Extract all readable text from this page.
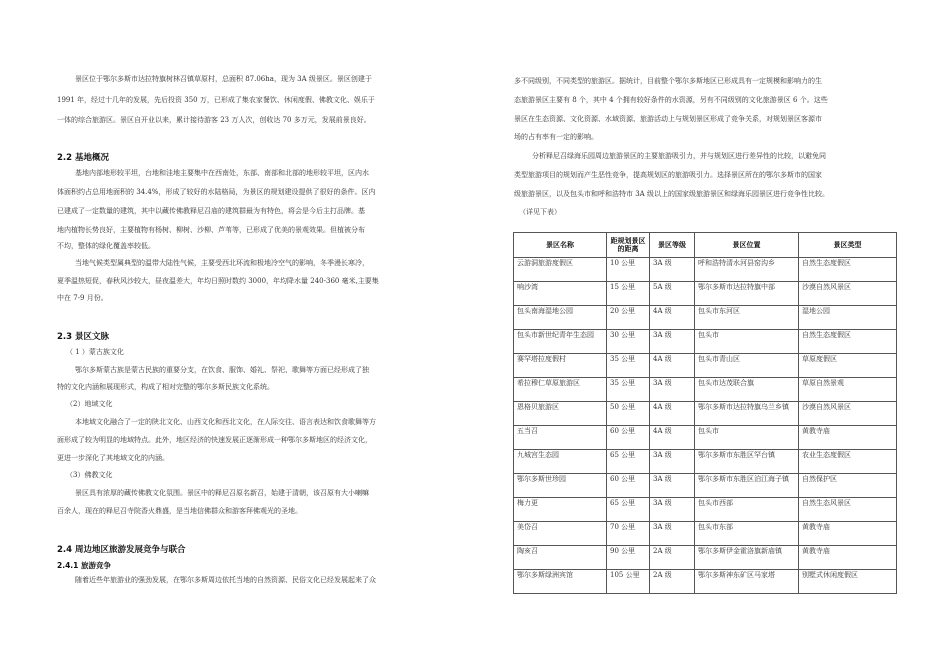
景区位于鄂尔多斯市达拉特旗树林召镇草原村，总面积 87.06ha，现为 3A 级景区。景区创建于
1991 年，经过十几年的发展，先后投资 350 万，已形成了集农家餐饮、休闲度假、佛教文化、娱乐于
一体的综合旅游区。景区自开业以来，累计接待游客 23 万人次，创收达 70 多万元，发展前景良好。
2.2 基地概况
基地内部地形较平坦，台地和洼地主要集中在西南处，东部、南部和北部的地形较平坦，区内水
体面积约占总用地面积的 34.4%，形成了较好的水陆格局，为景区的规划建设提供了很好的条件。区内
已建成了一定数量的建筑，其中以藏传佛教释尼召庙的建筑群最为有特色，将会是今后主打品牌。基
地内植物长势良好，主要植物有杨树、柳树、沙柳、芦苇等，已形成了优美的景观效果。但植被分布
不均，整体的绿化覆盖率较低。
当地气候类型属典型的温带大陆性气候，主要受西北环流和极地冷空气的影响，冬季漫长寒冷，
夏季温热短促，春秋风沙较大，昼夜温差大，年均日照时数约 3000，年均降水量 240-360 毫米,主要集
中在 7-9 月份。
2.3 景区文脉
（ 1 ）蒙古族文化
鄂尔多斯蒙古族是蒙古民族的重要分支，在饮食、服饰、婚礼、祭祀、歌舞等方面已经形成了独
特的文化内涵和展现形式，构成了相对完整的鄂尔多斯民族文化系统。
（2）地域文化
本地域文化融合了一定的陕北文化、山西文化和西北文化，在人际交往、语言表达和饮食歌舞等方
面形成了较为明显的地域特点。此外，地区经济的快速发展正逐渐形成一种鄂尔多斯地区的经济文化，
更进一步深化了其地域文化的内涵。
（3）佛教文化
景区具有浓厚的藏传佛教文化氛围。景区中的释尼召原名新召，始建于清朝，该召原有大小喇嘛
百余人，现在的释尼召寺院香火鼎盛，是当地信佛群众和游客拜佛观光的圣地。
2.4 周边地区旅游发展竞争与联合
2.4.1 旅游竞争
随着近些年旅游业的强劲发展，在鄂尔多斯周边依托当地的自然资源、民俗文化已经发展起来了众
多不同级别，不同类型的旅游区。据统计，目前整个鄂尔多斯地区已形成具有一定规模和影响力的生
态旅游景区主要有 8 个，其中 4 个拥有较好条件的水资源，另有不同级别的文化旅游景区 6 个。这些
景区在生态资源、文化资源、水域资源、旅游活动上与规划景区形成了竞争关系，对规划景区客源市
场的占有率有一定的影响。
分析释尼召绿海乐园周边旅游景区的主要旅游吸引力，并与规划区进行差异性的比较，以避免同
类型旅游项目的规划而产生恶性竞争，提高规划区的旅游吸引力。选择景区所在的鄂尔多斯市的国家
级旅游景区，以及包头市和呼和浩特市 3A 级以上的国家级旅游景区和绿海乐园景区进行竞争性比较。
（详见下表）
景区名称	距规划景区的距离	景区等级	景区位置	景区类型
云游洞旅游度假区	10 公里	3A 级	呼和浩特清水河县窑沟乡	自然生态度假区
响沙湾	15 公里	5A 级	鄂尔多斯市达拉特旗中部	沙漠自然风景区
包头南海湿地公园	20 公里	4A 级	包头市东河区	湿地公园
包头市新世纪青年生态园	30 公里	3A 级	包头市	自然生态度假区
赛罕塔拉度假村	35 公里	4A 级	包头市青山区	草原度假区
希拉穆仁草原旅游区	35 公里	3A 级	包头市达茂联合旗	草原自然景观
恩格贝旅游区	50 公里	4A 级	鄂尔多斯市达拉特旗乌兰乡镇	沙漠自然风景区
五当召	60 公里	4A 级	包头市	黄教寺庙
九城宫生态园	65 公里	3A 级	鄂尔多斯市东胜区罕台镇	农业生态度假区
鄂尔多斯世珍园	60 公里	3A 级	鄂尔多斯市东胜区泊江海子镇	自然保护区
梅力更	65 公里	3A 级	包头市西部	自然生态风景区
美岱召	70 公里	3A 级	包头市东部	黄教寺庙
陶亥召	90 公里	2A 级	鄂尔多斯伊金霍洛旗新庙镇	黄教寺庙
鄂尔多斯绿洲宾馆	105 公里	2A 级	鄂尔多斯神东矿区马家塔	别墅式休闲度假区
